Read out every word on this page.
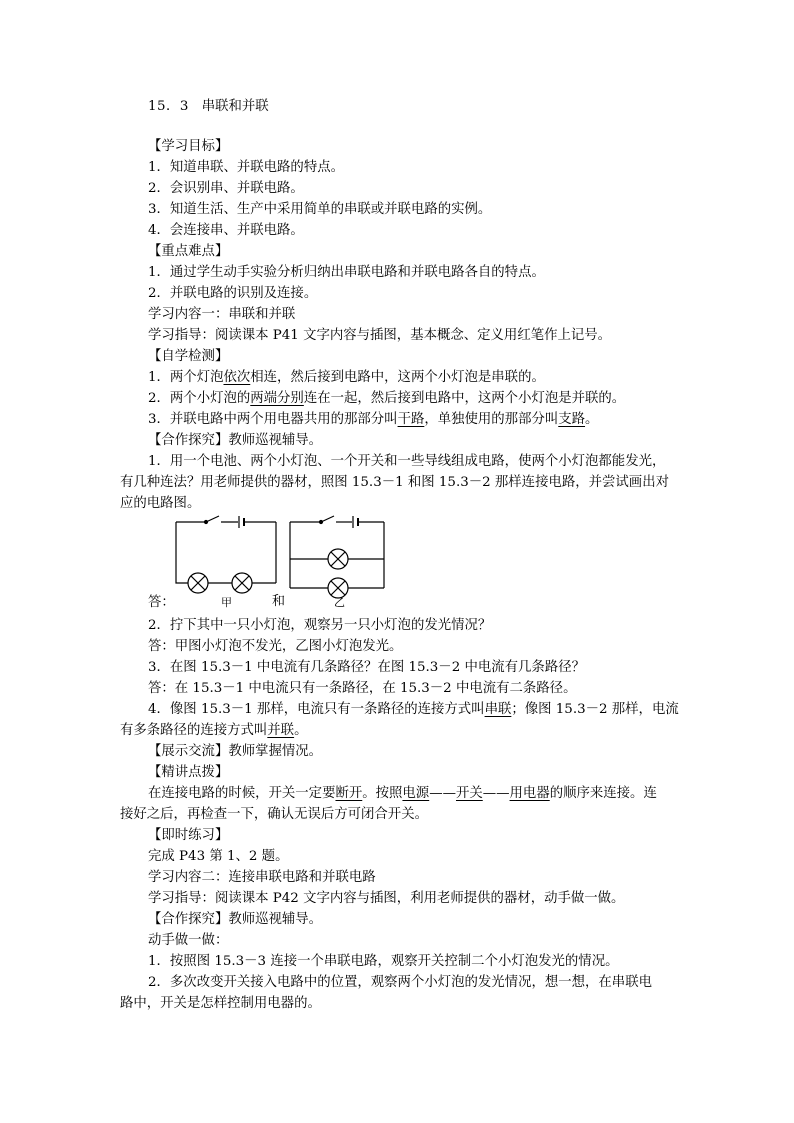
15．3 串联和并联
【学习目标】
1．知道串联、并联电路的特点。
2．会识别串、并联电路。
3．知道生活、生产中采用简单的串联或并联电路的实例。
4．会连接串、并联电路。
【重点难点】
1．通过学生动手实验分析归纳出串联电路和并联电路各自的特点。
2．并联电路的识别及连接。
学习内容一：串联和并联
学习指导：阅读课本 P41 文字内容与插图，基本概念、定义用红笔作上记号。
【自学检测】
1．两个灯泡依次相连，然后接到电路中，这两个小灯泡是串联的。
2．两个小灯泡的两端分别连在一起，然后接到电路中，这两个小灯泡是并联的。
3．并联电路中两个用电器共用的那部分叫干路，单独使用的那部分叫支路。
【合作探究】教师巡视辅导。
1．用一个电池、两个小灯泡、一个开关和一些导线组成电路，使两个小灯泡都能发光，
有几种连法？用老师提供的器材，照图 15.3－1 和图 15.3－2 那样连接电路，并尝试画出对
应的电路图。
答：	甲	和	乙
2．拧下其中一只小灯泡，观察另一只小灯泡的发光情况？
答：甲图小灯泡不发光，乙图小灯泡发光。
3．在图 15.3－1 中电流有几条路径？在图 15.3－2 中电流有几条路径？
答：在 15.3－1 中电流只有一条路径，在 15.3－2 中电流有二条路径。
4．像图 15.3－1 那样，电流只有一条路径的连接方式叫串联；像图 15.3－2 那样，电流
有多条路径的连接方式叫并联。
【展示交流】教师掌握情况。
【精讲点拨】
在连接电路的时候，开关一定要断开。按照电源——开关——用电器的顺序来连接。连
接好之后，再检查一下，确认无误后方可闭合开关。
【即时练习】
完成 P43 第 1、2 题。
学习内容二：连接串联电路和并联电路
学习指导：阅读课本 P42 文字内容与插图，利用老师提供的器材，动手做一做。
【合作探究】教师巡视辅导。
动手做一做：
1．按照图 15.3－3 连接一个串联电路，观察开关控制二个小灯泡发光的情况。
2．多次改变开关接入电路中的位置，观察两个小灯泡的发光情况，想一想，在串联电
路中，开关是怎样控制用电器的。
